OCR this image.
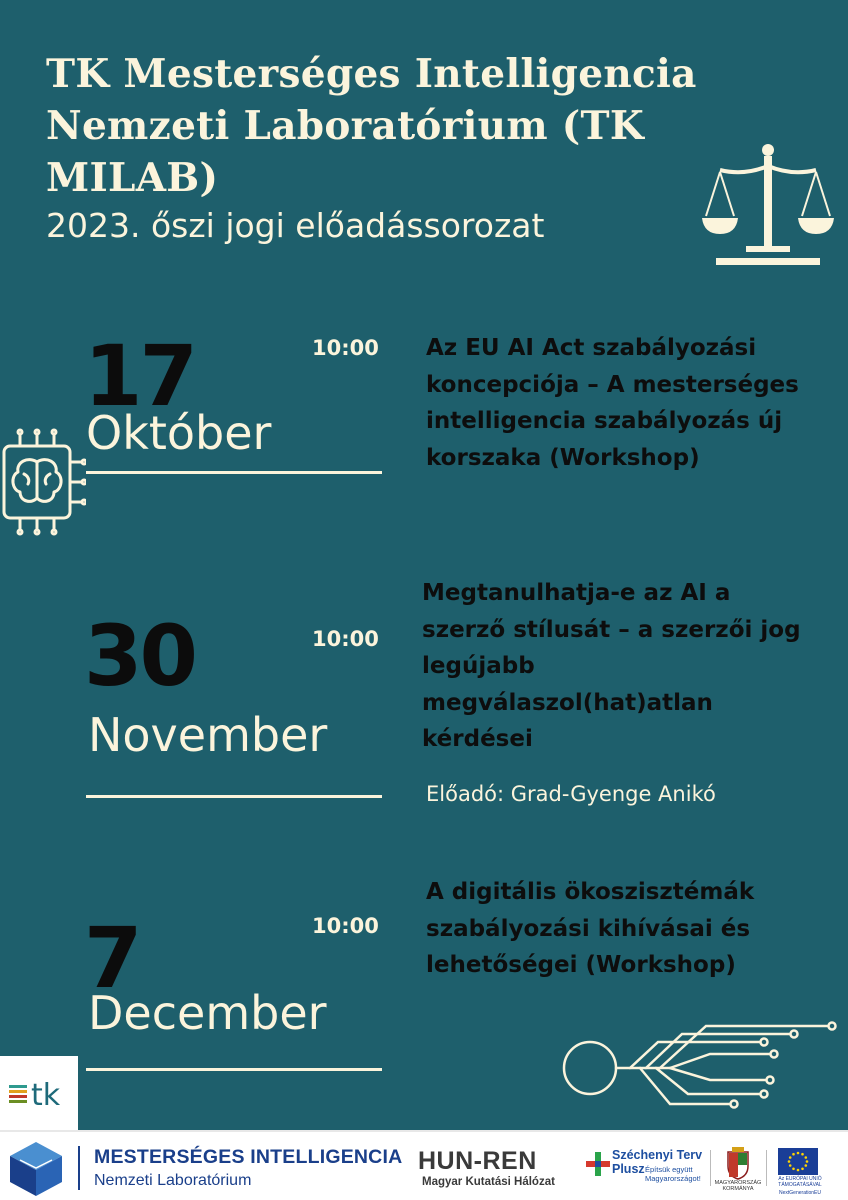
TK Mesterséges Intelligencia
Nemzeti Laboratórium (TK
MILAB)
2023. őszi jogi előadássorozat
17
Október
10:00 Az EU AI Act szabályozási koncepciója – A mesterséges intelligencia szabályozás új korszaka (Workshop)
30
November
10:00
Megtanulhatja-e az AI a szerző stílusát – a szerzői jog legújabb megválaszol(hat)atlan kérdései
Előadó: Grad-Gyenge Anikó
7
December
10:00
A digitális ökoszisztémák szabályozási kihívásai és lehetőségei (Workshop)
tk
MESTERSÉGES INTELLIGENCIA
Nemzeti Laboratórium
HUN-REN
Magyar Kutatási Hálózat
Széchenyi Terv
Plusz Építsük együtt Magyarországot!	MAGYARORSZÁG KORMÁNYA
Az EURÓPAI UNIÓ
TÁMOGATÁSÁVAL
NextGenerationEU
